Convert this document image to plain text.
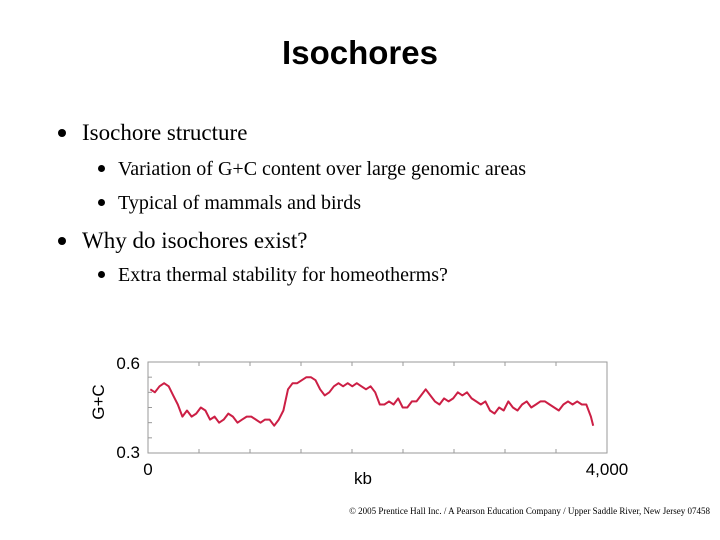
Isochores
Isochore structure
Variation of G+C content over large genomic areas
Typical of mammals and birds
Why do isochores exist?
Extra thermal stability for homeotherms?
0.6
0.3
G+C
0	4,000
kb
© 2005 Prentice Hall Inc. / A Pearson Education Company / Upper Saddle River, New Jersey 07458
